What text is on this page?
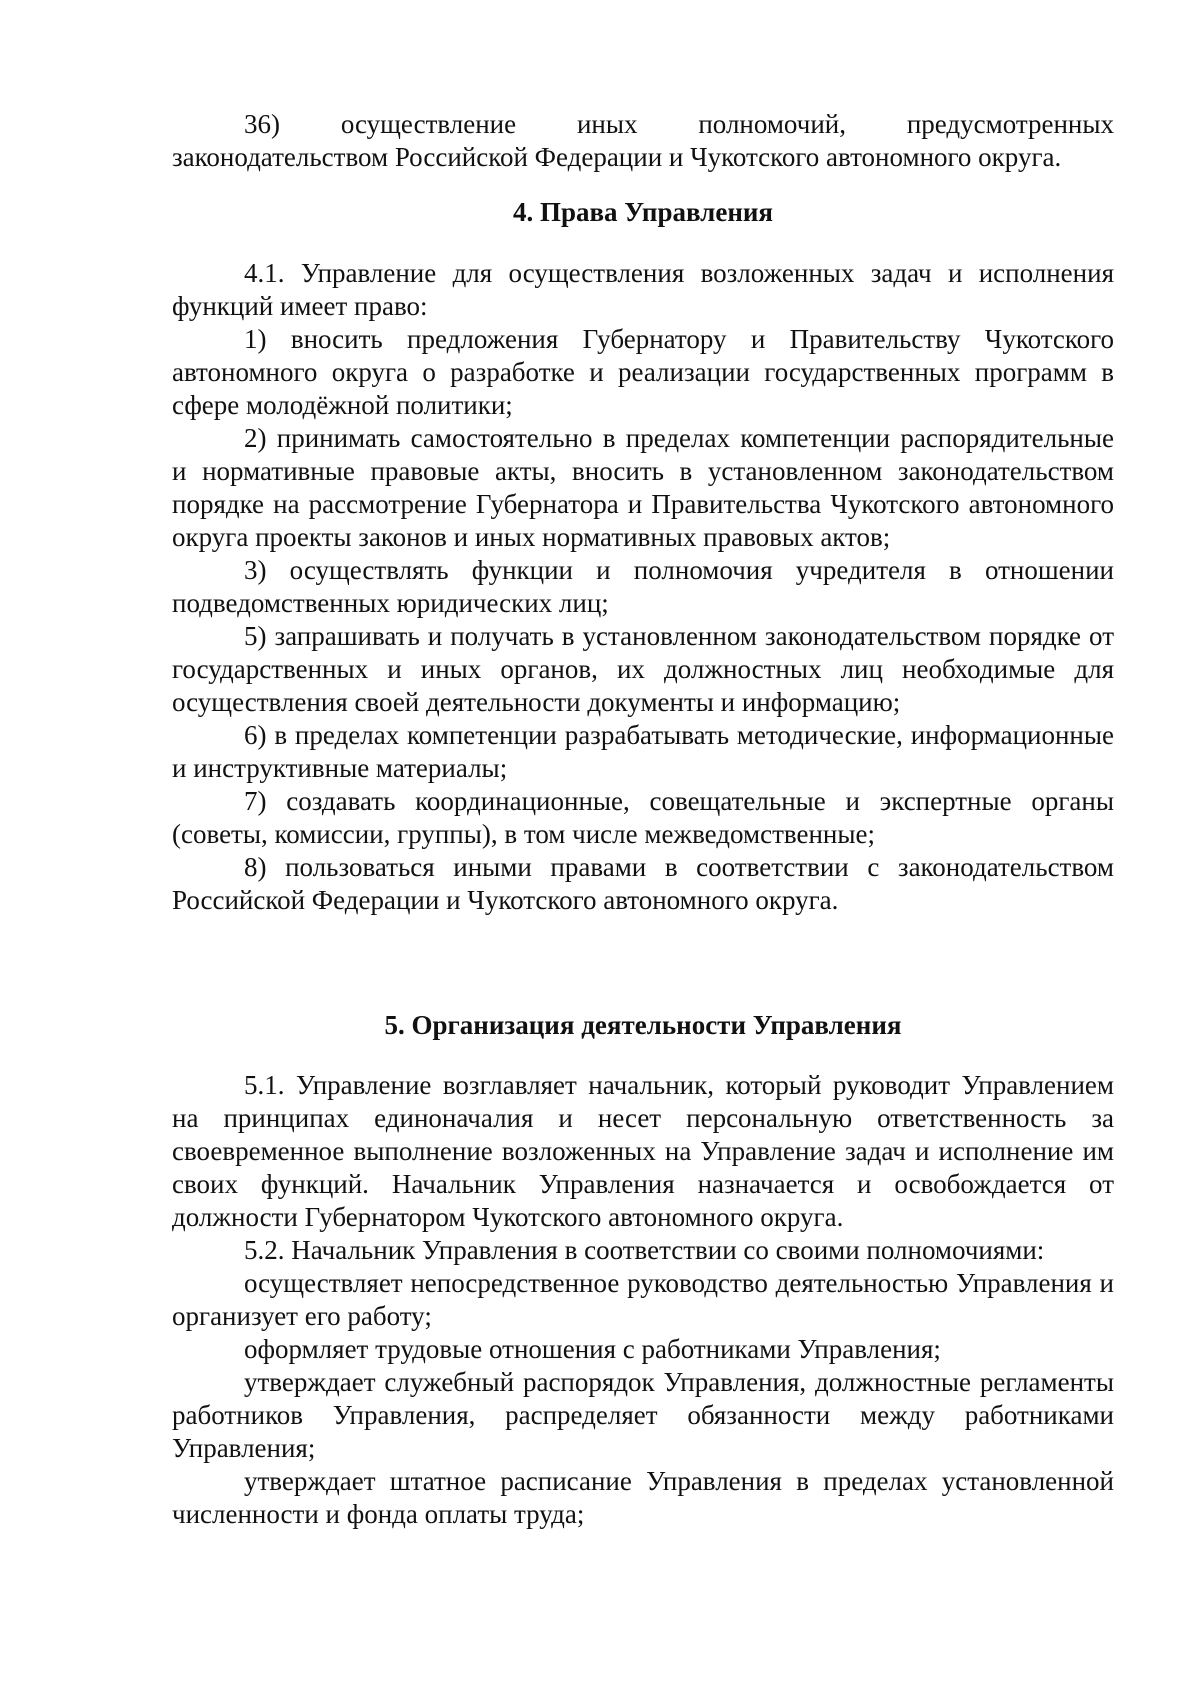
36) осуществление иных полномочий, предусмотренных законодательством Российской Федерации и Чукотского автономного округа.

4. Права Управления

4.1. Управление для осуществления возложенных задач и исполнения функций имеет право:

1) вносить предложения Губернатору и Правительству Чукотского автономного округа о разработке и реализации государственных программ в сфере молодёжной политики;

2) принимать самостоятельно в пределах компетенции распорядительные и нормативные правовые акты, вносить в установленном законодательством порядке на рассмотрение Губернатора и Правительства Чукотского автономного округа проекты законов и иных нормативных правовых актов;

3) осуществлять функции и полномочия учредителя в отношении подведомственных юридических лиц;

5) запрашивать и получать в установленном законодательством порядке от государственных и иных органов, их должностных лиц необходимые для осуществления своей деятельности документы и информацию;

6) в пределах компетенции разрабатывать методические, информационные и инструктивные материалы;

7) создавать координационные, совещательные и экспертные органы (советы, комиссии, группы), в том числе межведомственные;

8) пользоваться иными правами в соответствии с законодательством Российской Федерации и Чукотского автономного округа.

5. Организация деятельности Управления

5.1. Управление возглавляет начальник, который руководит Управлением на принципах единоначалия и несет персональную ответственность за своевременное выполнение возложенных на Управление задач и исполнение им своих функций. Начальник Управления назначается и освобождается от должности Губернатором Чукотского автономного округа.

5.2. Начальник Управления в соответствии со своими полномочиями:

осуществляет непосредственное руководство деятельностью Управления и организует его работу;

оформляет трудовые отношения с работниками Управления;

утверждает служебный распорядок Управления, должностные регламенты работников Управления, распределяет обязанности между работниками Управления;

утверждает штатное расписание Управления в пределах установленной численности и фонда оплаты труда;
